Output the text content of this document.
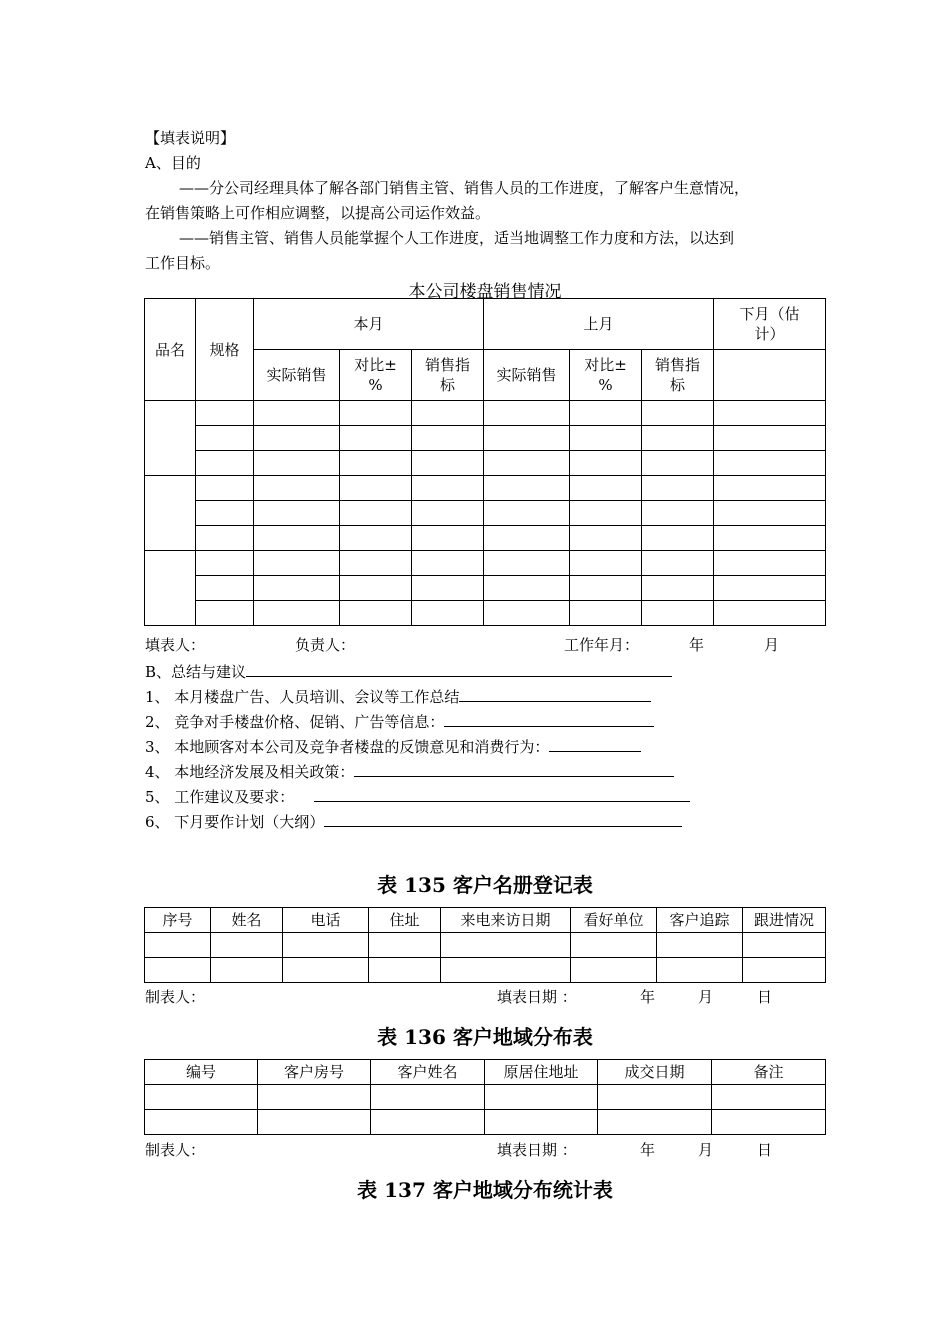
【填表说明】
A、目的
——分公司经理具体了解各部门销售主管、销售人员的工作进度，了解客户生意情况，
在销售策略上可作相应调整，以提高公司运作效益。
——销售主管、销售人员能掌握个人工作进度，适当地调整工作力度和方法，以达到
工作目标。
本公司楼盘销售情况
品名	规格	本月			上月			下月（估计）
		实际销售	对比±%	销售指标	实际销售	对比±%	销售指标	

填表人：	负责人：	工作年月：	年	月
B、总结与建议
1、 本月楼盘广告、人员培训、会议等工作总结
2、 竞争对手楼盘价格、促销、广告等信息：
3、 本地顾客对本公司及竞争者楼盘的反馈意见和消费行为：
4、 本地经济发展及相关政策：
5、 工作建议及要求：
6、 下月要作计划（大纲）
表 135 客户名册登记表
序号	姓名	电话	住址	来电来访日期	看好单位	客户追踪	跟进情况

制表人：	填表日期 ：	年	月	日
表 136 客户地域分布表
编号	客户房号	客户姓名	原居住地址	成交日期	备注

制表人：	填表日期 ：	年	月	日
表 137 客户地域分布统计表
